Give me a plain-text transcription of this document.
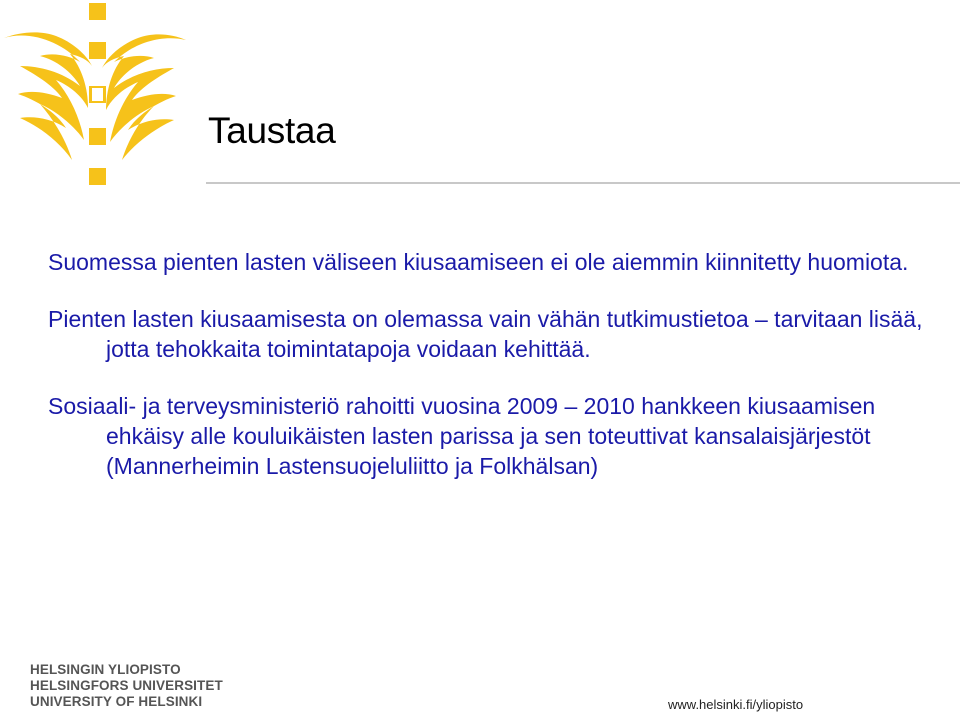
Taustaa

Suomessa pienten lasten väliseen kiusaamiseen ei ole aiemmin kiinnitetty huomiota.

Pienten lasten kiusaamisesta on olemassa vain vähän tutkimustietoa – tarvitaan lisää, jotta tehokkaita toimintatapoja voidaan kehittää.

Sosiaali- ja terveysministeriö rahoitti vuosina 2009 – 2010 hankkeen kiusaamisen ehkäisy alle kouluikäisten lasten parissa ja sen toteuttivat kansalaisjärjestöt (Mannerheimin Lastensuojeluliitto ja Folkhälsan)

HELSINGIN YLIOPISTO
HELSINGFORS UNIVERSITET
UNIVERSITY OF HELSINKI	www.helsinki.fi/yliopisto
